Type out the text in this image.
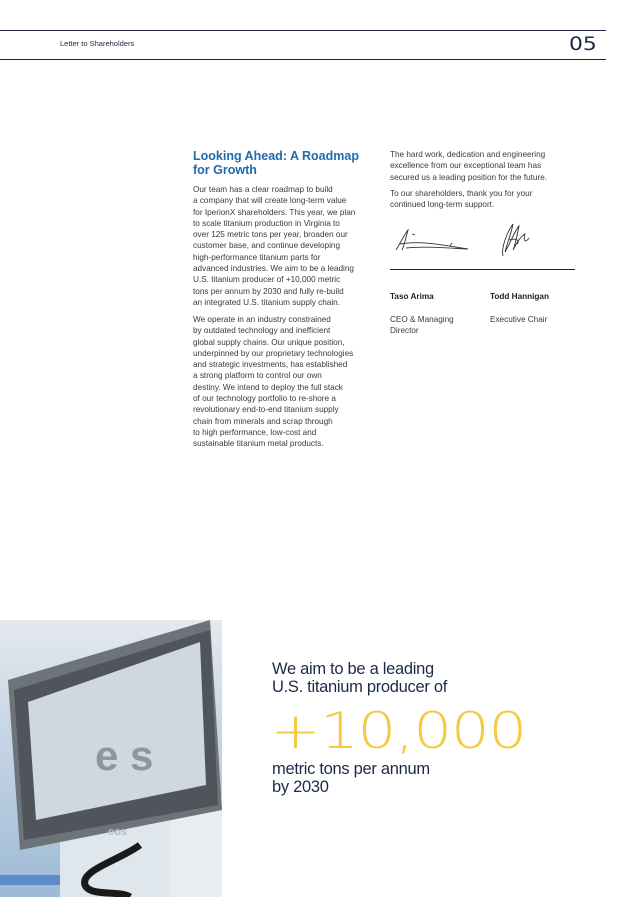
Letter to Shareholders	05
Looking Ahead: A Roadmap
for Growth
Our team has a clear roadmap to build
a company that will create long-term value
for IperionX shareholders. This year, we plan
to scale titanium production in Virginia to
over 125 metric tons per year, broaden our
customer base, and continue developing
high-performance titanium parts for
advanced industries. We aim to be a leading
U.S. titanium producer of +10,000 metric
tons per annum by 2030 and fully re-build
an integrated U.S. titanium supply chain.
We operate in an industry constrained
by outdated technology and inefficient
global supply chains. Our unique position,
underpinned by our proprietary technologies
and strategic investments, has established
a strong platform to control our own
destiny. We intend to deploy the full stack
of our technology portfolio to re-shore a
revolutionary end-to-end titanium supply
chain from minerals and scrap through
to high performance, low-cost and
sustainable titanium metal products.
The hard work, dedication and engineering
excellence from our exceptional team has
secured us a leading position for the future.
To our shareholders, thank you for your
continued long-term support.

Taso Arima

CEO & Managing
Director

Todd Hannigan

Executive Chair

e s
eos
We aim to be a leading
U.S. titanium producer of
+10,000
metric tons per annum
by 2030
